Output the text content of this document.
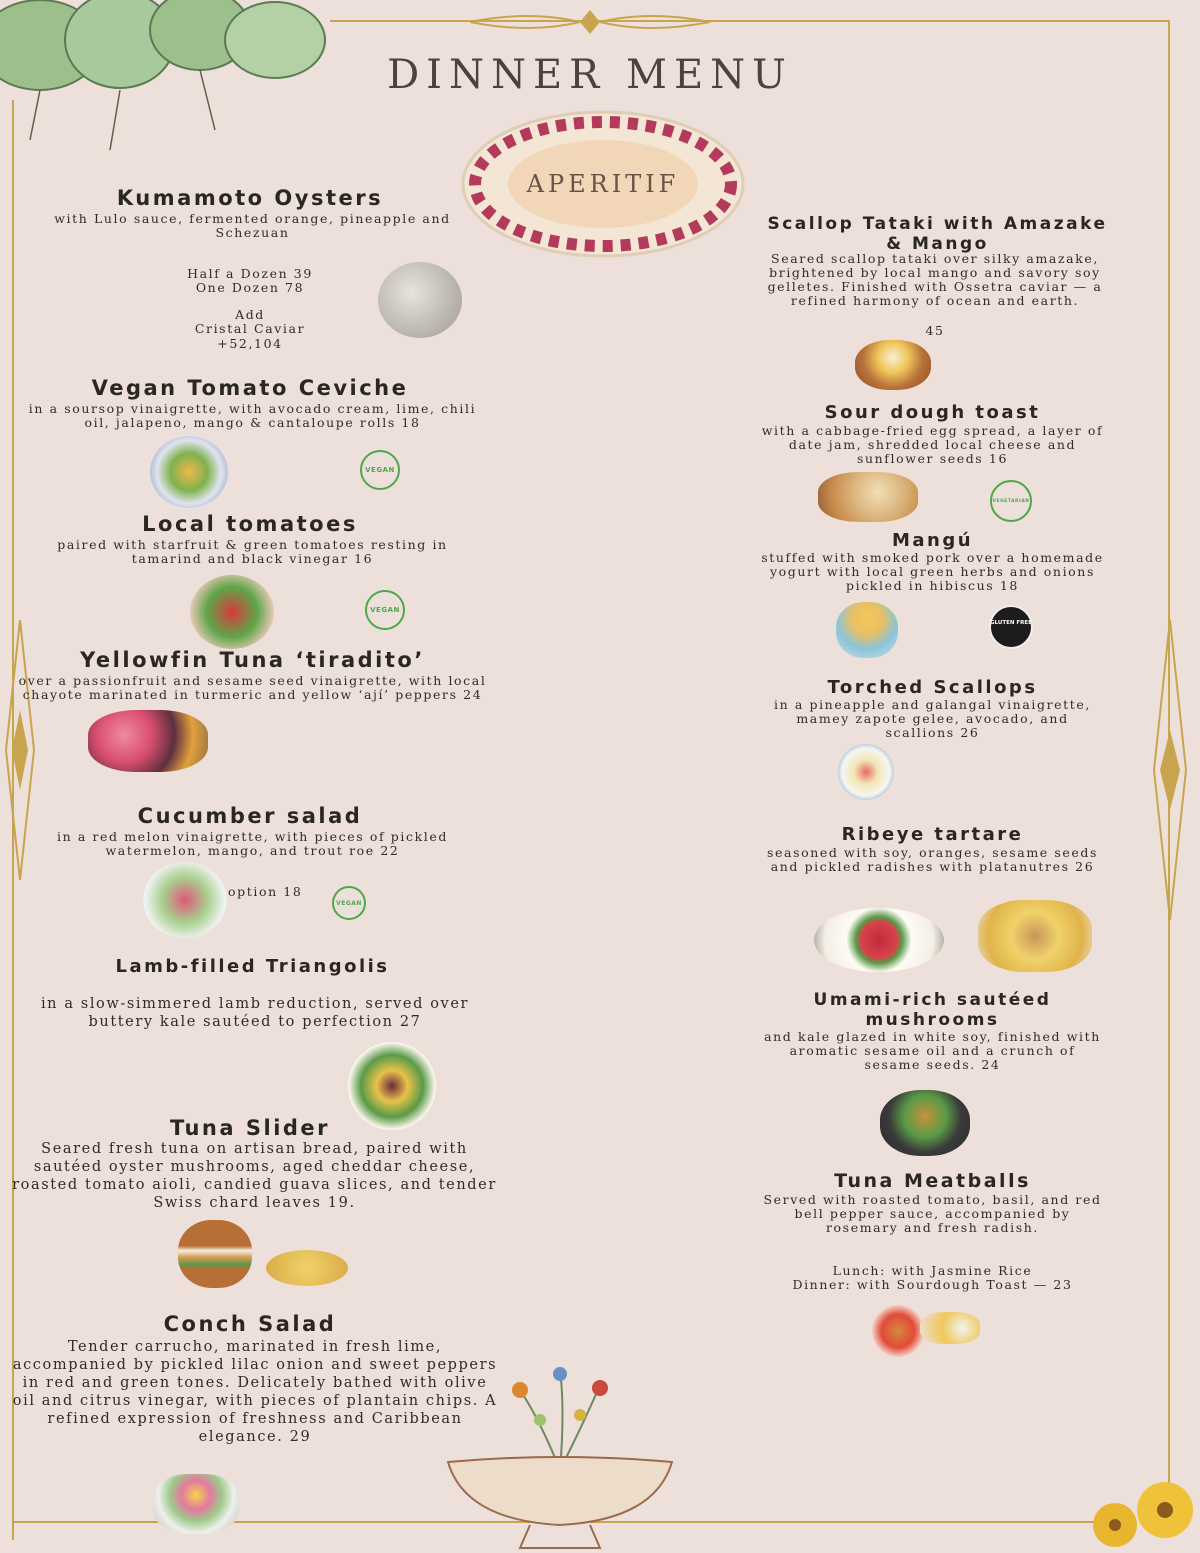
DINNER MENU
APERITIF
Kumamoto Oysters
with Lulo sauce, fermented orange, pineapple and Schezuan
Half a Dozen 39
One Dozen 78
Add
Cristal Caviar
+52,104
Vegan Tomato Ceviche
in a soursop vinaigrette, with avocado cream, lime, chili oil, jalapeno, mango & cantaloupe rolls 18
VEGAN
Local tomatoes
paired with starfruit & green tomatoes resting in tamarind and black vinegar 16
VEGAN
Yellowfin Tuna ‘tiradito’
over a passionfruit and sesame seed vinaigrette, with local chayote marinated in turmeric and yellow ‘ají’ peppers 24
Cucumber salad
in a red melon vinaigrette, with pieces of pickled watermelon, mango, and trout roe 22
option 18
VEGAN
Lamb-filled Triangolis
in a slow-simmered lamb reduction, served over buttery kale sautéed to perfection 27
Tuna Slider
Seared fresh tuna on artisan bread, paired with sautéed oyster mushrooms, aged cheddar cheese, roasted tomato aioli, candied guava slices, and tender Swiss chard leaves 19.
Conch Salad
Tender carrucho, marinated in fresh lime, accompanied by pickled lilac onion and sweet peppers in red and green tones. Delicately bathed with olive oil and citrus vinegar, with pieces of plantain chips. A refined expression of freshness and Caribbean elegance. 29
Scallop Tataki with Amazake & Mango
Seared scallop tataki over silky amazake, brightened by local mango and savory soy gelletes. Finished with Ossetra caviar — a refined harmony of ocean and earth.
45
Sour dough toast
with a cabbage-fried egg spread, a layer of date jam, shredded local cheese and sunflower seeds 16
VEGETARIAN
Mangú
stuffed with smoked pork over a homemade yogurt with local green herbs and onions pickled in hibiscus 18
GLUTEN FREE
Torched Scallops
in a pineapple and galangal vinaigrette, mamey zapote gelee, avocado, and scallions 26
Ribeye tartare
seasoned with soy, oranges, sesame seeds and pickled radishes with platanutres 26
Umami-rich sautéed mushrooms
and kale glazed in white soy, finished with aromatic sesame oil and a crunch of sesame seeds. 24
Tuna Meatballs
Served with roasted tomato, basil, and red bell pepper sauce, accompanied by rosemary and fresh radish.
Lunch: with Jasmine Rice
Dinner: with Sourdough Toast — 23
